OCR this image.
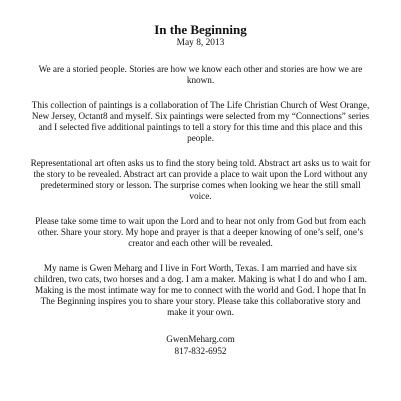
In the Beginning
May 8, 2013

We are a storied people. Stories are how we know each other and stories are how we are known.

This collection of paintings is a collaboration of The Life Christian Church of West Orange, New Jersey, Octant8 and myself. Six paintings were selected from my “Connections” series and I selected five additional paintings to tell a story for this time and this place and this people.

Representational art often asks us to find the story being told. Abstract art asks us to wait for the story to be revealed. Abstract art can provide a place to wait upon the Lord without any predetermined story or lesson. The surprise comes when looking we hear the still small voice.

Please take some time to wait upon the Lord and to hear not only from God but from each other. Share your story. My hope and prayer is that a deeper knowing of one’s self, one’s creator and each other will be revealed.

My name is Gwen Meharg and I live in Fort Worth, Texas. I am married and have six children, two cats, two horses and a dog. I am a maker. Making is what I do and who I am. Making is the most intimate way for me to connect with the world and God. I hope that In The Beginning inspires you to share your story. Please take this collaborative story and make it your own.

GwenMeharg.com
817-832-6952
